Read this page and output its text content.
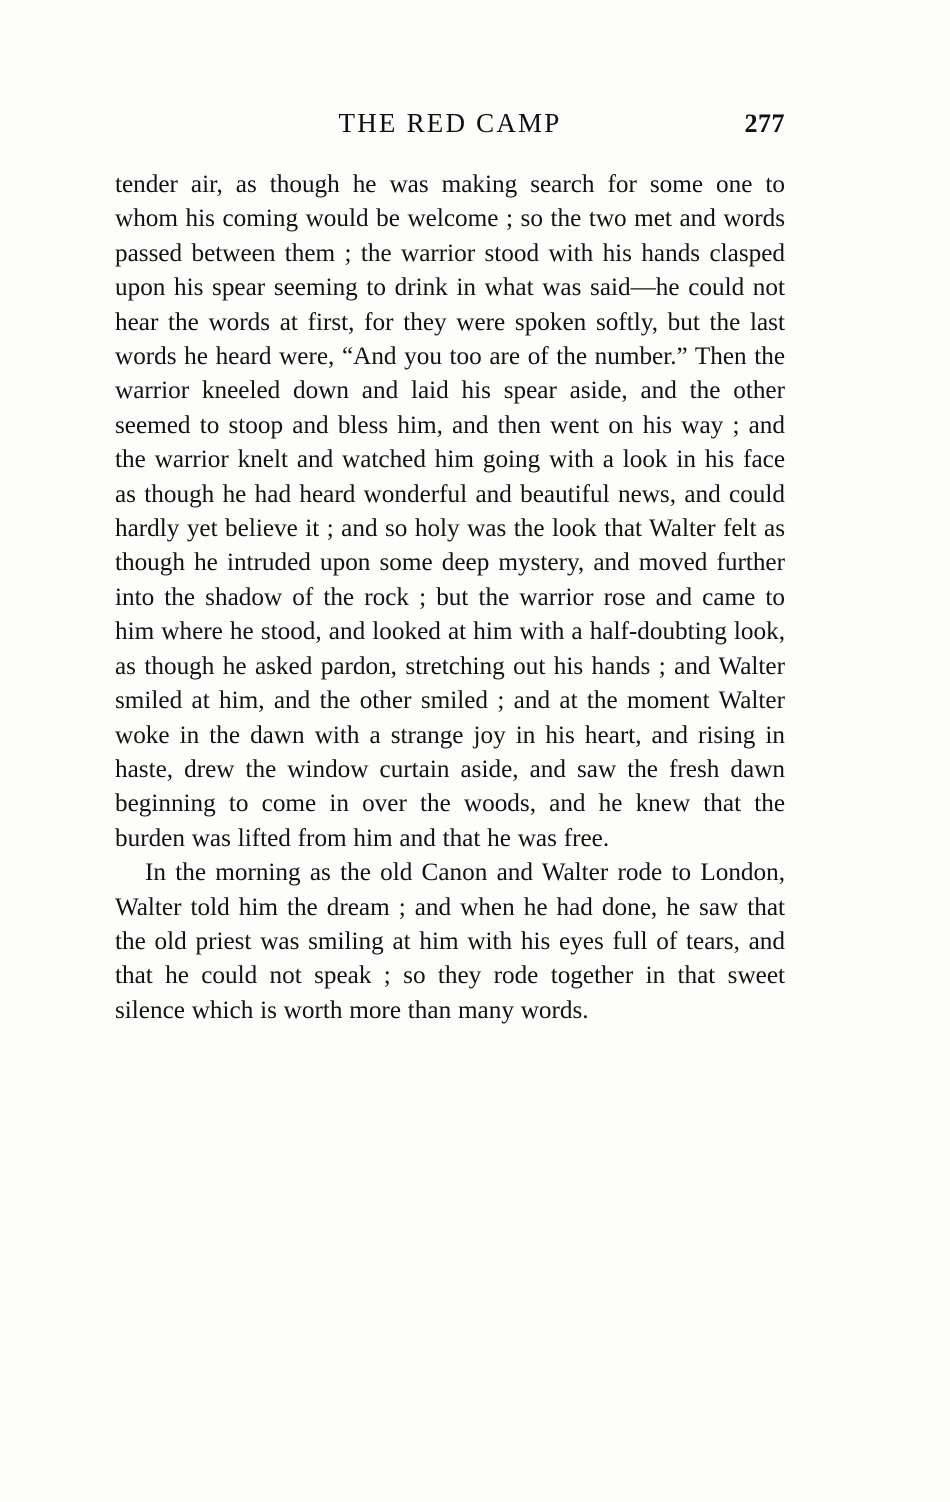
THE RED CAMP	277

tender air, as though he was making search for some one to whom his coming would be welcome ; so the two met and words passed between them ; the warrior stood with his hands clasped upon his spear seeming to drink in what was said—he could not hear the words at first, for they were spoken softly, but the last words he heard were, “And you too are of the number.” Then the warrior kneeled down and laid his spear aside, and the other seemed to stoop and bless him, and then went on his way ; and the warrior knelt and watched him going with a look in his face as though he had heard wonderful and beautiful news, and could hardly yet believe it ; and so holy was the look that Walter felt as though he intruded upon some deep mystery, and moved further into the shadow of the rock ; but the warrior rose and came to him where he stood, and looked at him with a half-doubting look, as though he asked pardon, stretching out his hands ; and Walter smiled at him, and the other smiled ; and at the moment Walter woke in the dawn with a strange joy in his heart, and rising in haste, drew the window curtain aside, and saw the fresh dawn beginning to come in over the woods, and he knew that the burden was lifted from him and that he was free.

In the morning as the old Canon and Walter rode to London, Walter told him the dream ; and when he had done, he saw that the old priest was smiling at him with his eyes full of tears, and that he could not speak ; so they rode together in that sweet silence which is worth more than many words.
